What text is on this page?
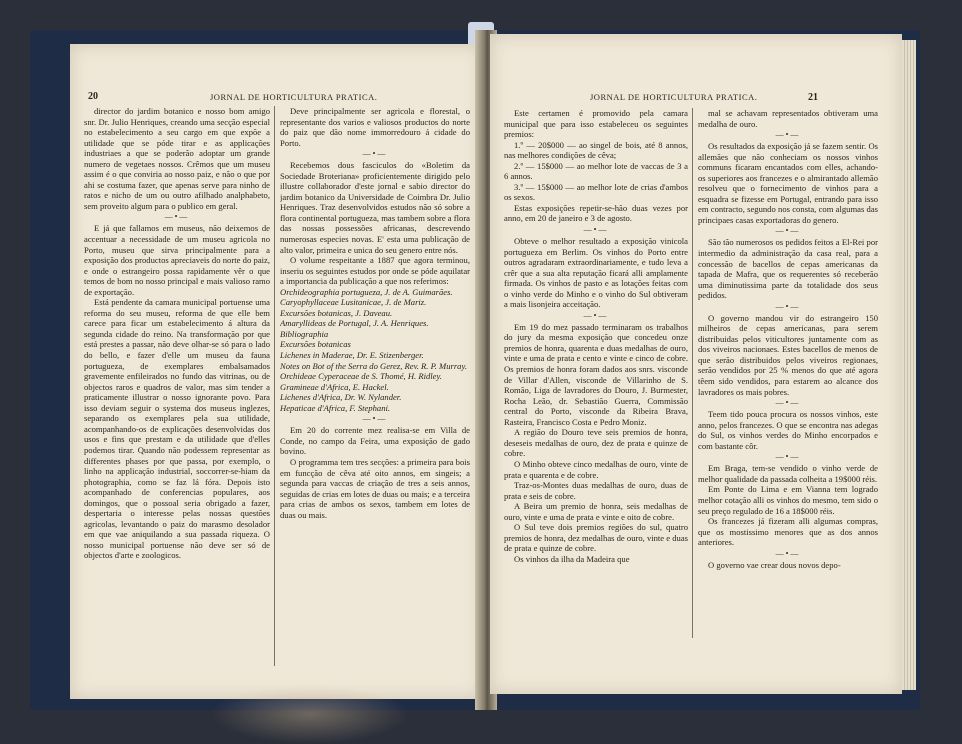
20	JORNAL DE HORTICULTURA PRATICA.

director do jardim botanico e nosso bom amigo snr. Dr. Julio Henriques, creando uma secção especial no estabelecimento a seu cargo em que expõe a utilidade que se póde tirar e as applicações industriaes a que se poderão adoptar um grande numero de vegetaes nossos. Crêmos que um museu assim é o que conviria ao nosso paiz, e não o que por ahi se costuma fazer, que apenas serve para ninho de ratos e nicho de um ou outro afilhado analphabeto, sem proveito algum para o publico em geral.

—•—

E já que fallamos em museus, não deixemos de accentuar a necessidade de um museu agricola no Porto, museu que sirva principalmente para a exposição dos productos apreciaveis do norte do paiz, e onde o estrangeiro possa rapidamente vêr o que temos de bom no nosso principal e mais valioso ramo de exportação.

Está pendente da camara municipal portuense uma reforma do seu museu, reforma de que elle bem carece para ficar um estabelecimento á altura da segunda cidade do reino. Na transformação por que está prestes a passar, não deve olhar-se só para o lado do bello, e fazer d'elle um museu da fauna portugueza, de exemplares embalsamados gravemente enfileirados no fundo das vitrinas, ou de objectos raros e quadros de valor, mas sim tender a praticamente illustrar o nosso ignorante povo. Para isso deviam seguir o systema dos museus inglezes, separando os exemplares pela sua utilidade, acompanhando-os de explicações desenvolvidas dos usos e fins que prestam e da utilidade que d'elles podemos tirar. Quando não podessem representar as differentes phases por que passa, por exemplo, o linho na applicação industrial, soccorrer-se-hiam da photographia, como se faz lá fóra. Depois isto acompanhado de conferencias populares, aos domingos, que o possoal seria obrigado a fazer, despertaria o interesse pelas nossas questões agricolas, levantando o paiz do marasmo desolador em que vae aniquilando a sua passada riqueza. O nosso municipal portuense não deve ser só de objectos d'arte e zoologicos.

Deve principalmente ser agricola e florestal, o representante dos varios e valiosos productos do norte do paiz que dão nome immorredouro á cidade do Porto.

—•—

Recebemos dous fasciculos do «Boletim da Sociedade Broteriana» proficientemente dirigido pelo illustre collaborador d'este jornal e sabio director do jardim botanico da Universidade de Coimbra Dr. Julio Henriques. Traz desenvolvidos estudos não só sobre a flora continental portugueza, mas tambem sobre a flora das nossas possessões africanas, descrevendo numerosas especies novas. E' esta uma publicação de alto valor, primeira e unica do seu genero entre nós.

O volume respeitante a 1887 que agora terminou, inseriu os seguintes estudos por onde se póde aquilatar a importancia da publicação a que nos referimos:

Orchideographia portugueza, J. de A. Guimarães.

Caryophyllaceae Lusitanicae, J. de Mariz.

Excursões botanicas, J. Daveau.

Amaryllideas de Portugal, J. A. Henriques.

Bibliographia

Excursões botanicas

Lichenes in Maderae, Dr. E. Stizenberger.

Notes on Bot of the Serra do Gerez, Rev. R. P. Murray.

Orchideae Cyperaceae de S. Thomé, H. Ridley.

Gramineae d'Africa, E. Hackel.

Lichenes d'Africa, Dr. W. Nylander.

Hepaticae d'Africa, F. Stephani.

—•—

Em 20 do corrente mez realisa-se em Villa de Conde, no campo da Feira, uma exposição de gado bovino.

O programma tem tres secções: a primeira para bois em funcção de cêva até oito annos, em singeis; a segunda para vaccas de criação de tres a seis annos, seguidas de crias em lotes de duas ou mais; e a terceira para crias de ambos os sexos, tambem em lotes de duas ou mais.

JORNAL DE HORTICULTURA PRATICA.	21

Este certamen é promovido pela camara municipal que para isso estabeleceu os seguintes premios:

1.º — 20$000 — ao singel de bois, até 8 annos, nas melhores condições de cêva;

2.º — 15$000 — ao melhor lote de vaccas de 3 a 6 annos.

3.º — 15$000 — ao melhor lote de crias d'ambos os sexos.

Estas exposições repetir-se-hão duas vezes por anno, em 20 de janeiro e 3 de agosto.

—•—

Obteve o melhor resultado a exposição vinicola portugueza em Berlim. Os vinhos do Porto entre outros agradaram extraordinariamente, e tudo leva a crêr que a sua alta reputação ficará alli amplamente firmada. Os vinhos de pasto e as lotações feitas com o vinho verde do Minho e o vinho do Sul obtiveram a mais lisonjeira acceitação.

—•—

Em 19 do mez passado terminaram os trabalhos do jury da mesma exposição que concedeu onze premios de honra, quarenta e duas medalhas de ouro, vinte e uma de prata e cento e vinte e cinco de cobre. Os premios de honra foram dados aos snrs. visconde de Villar d'Allen, visconde de Villarinho de S. Romão, Liga de lavradores do Douro, J. Burmester, Rocha Leão, dr. Sebastião Guerra, Commissão central do Porto, visconde da Ribeira Brava, Rasteira, Francisco Costa e Pedro Moniz.

A região do Douro teve seis premios de honra, deseseis medalhas de ouro, dez de prata e quinze de cobre.

O Minho obteve cinco medalhas de ouro, vinte de prata e quarenta e de cobre.

Traz-os-Montes duas medalhas de ouro, duas de prata e seis de cobre.

A Beira um premio de honra, seis medalhas de ouro, vinte e uma de prata e vinte e oito de cobre.

O Sul teve dois premios regiões do sul, quatro premios de honra, dez medalhas de ouro, vinte e duas de prata e quinze de cobre.

Os vinhos da ilha da Madeira que

mal se achavam representados obtiveram uma medalha de ouro.

—•—

Os resultados da exposição já se fazem sentir. Os allemães que não conheciam os nossos vinhos communs ficaram encantados com elles, achando-os superiores aos francezes e o almirantado allemão resolveu que o fornecimento de vinhos para a esquadra se fizesse em Portugal, entrando para isso em contracto, segundo nos consta, com algumas das principaes casas exportadoras do genero.

—•—

São tão numerosos os pedidos feitos a El-Rei por intermedio da administração da casa real, para a concessão de bacellos de cepas americanas da tapada de Mafra, que os requerentes só receberão uma diminutissima parte da totalidade dos seus pedidos.

—•—

O governo mandou vir do estrangeiro 150 milheiros de cepas americanas, para serem distribuidas pelos viticultores juntamente com as dos viveiros nacionaes. Estes bacellos de menos de que serão distribuidos pelos viveiros regionaes, serão vendidos por 25 % menos do que até agora têem sido vendidos, para estarem ao alcance dos lavradores os mais pobres.

—•—

Teem tido pouca procura os nossos vinhos, este anno, pelos francezes. O que se encontra nas adegas do Sul, os vinhos verdes do Minho encorpados e com bastante côr.

—•—

Em Braga, tem-se vendido o vinho verde de melhor qualidade da passada colheita a 19$000 réis.

Em Ponte do Lima e em Vianna tem logrado melhor cotação alli os vinhos do mesmo, tem sido o seu preço regulado de 16 a 18$000 réis.

Os francezes já fizeram alli algumas compras, que os mostissimo menores que as dos annos anteriores.

—•—

O governo vae crear dous novos depo-
